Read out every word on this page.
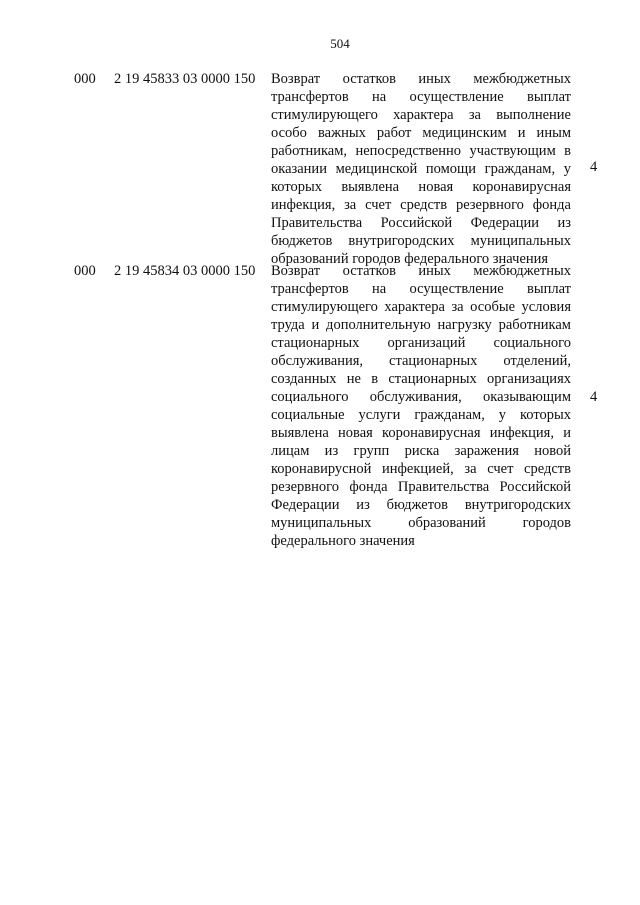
504
000 2 19 45833 03 0000 150 Возврат остатков иных межбюджетных трансфертов на осуществление выплат стимулирующего характера за выполнение особо важных работ медицинским и иным работникам, непосредственно участвующим в оказании медицинской помощи гражданам, у которых выявлена новая коронавирусная инфекция, за счет средств резервного фонда Правительства Российской Федерации из бюджетов внутригородских муниципальных образований городов федерального значения
4
000 2 19 45834 03 0000 150 Возврат остатков иных межбюджетных трансфертов на осуществление выплат стимулирующего характера за особые условия труда и дополнительную нагрузку работникам стационарных организаций социального обслуживания, стационарных отделений, созданных не в стационарных организациях социального обслуживания, оказывающим социальные услуги гражданам, у которых выявлена новая коронавирусная инфекция, и лицам из групп риска заражения новой коронавирусной инфекцией, за счет средств резервного фонда Правительства Российской Федерации из бюджетов внутригородских муниципальных образований городов федерального значения
4
